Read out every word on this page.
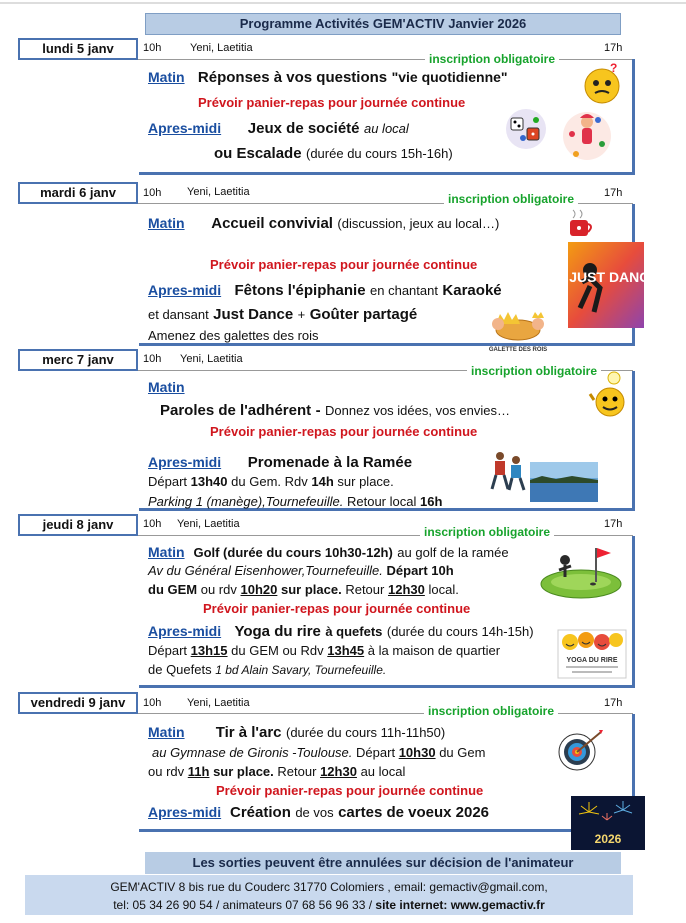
Programme Activités GEM'ACTIV Janvier 2026
lundi 5 janv	10h	Yeni, Laetitia	17h
inscription obligatoire
Matin Réponses à vos questions "vie quotidienne"
Prévoir panier-repas pour journée continue
Apres-midi Jeux de société au local
ou Escalade (durée du cours 15h-16h)
?
mardi 6 janv	10h Yeni, Laetitia	17h
inscription obligatoire
Matin Accueil convivial (discussion, jeux au local…)
Prévoir panier-repas pour journée continue
Apres-midi Fêtons l'épiphanie en chantant Karaoké
et dansant Just Dance + Goûter partagé
Amenez des galettes des rois
JUST DANCE
GALETTE DES ROIS
merc 7 janv	10h Yeni, Laetitia
inscription obligatoire
Matin
Paroles de l'adhérent - Donnez vos idées, vos envies…
Prévoir panier-repas pour journée continue
Apres-midi Promenade à la Ramée
Départ 13h40 du Gem. Rdv 14h sur place.
Parking 1 (manège),Tournefeuille. Retour local 16h
jeudi 8 janv	10h Yeni, Laetitia	17h
inscription obligatoire
Matin Golf (durée du cours 10h30-12h) au golf de la ramée
Av du Général Eisenhower,Tournefeuille. Départ 10h
du GEM ou rdv 10h20 sur place. Retour 12h30 local.
Prévoir panier-repas pour journée continue
Apres-midi Yoga du rire à quefets (durée du cours 14h-15h)
Départ 13h15 du GEM ou Rdv 13h45 à la maison de quartier
de Quefets 1 bd Alain Savary, Tournefeuille.
YOGA DU RIRE
vendredi 9 janv	10h Yeni, Laetitia	17h
inscription obligatoire
Matin Tir à l'arc (durée du cours 11h-11h50)
au Gymnase de Gironis -Toulouse. Départ 10h30 du Gem
ou rdv 11h sur place. Retour 12h30 au local
Prévoir panier-repas pour journée continue
Apres-midi Création de vos cartes de voeux 2026
2026
Les sorties peuvent être annulées sur décision de l'animateur
GEM'ACTIV 8 bis rue du Couderc 31770 Colomiers , email: gemactiv@gmail.com,
tel: 05 34 26 90 54 / animateurs 07 68 56 96 33 / site internet: www.gemactiv.fr
